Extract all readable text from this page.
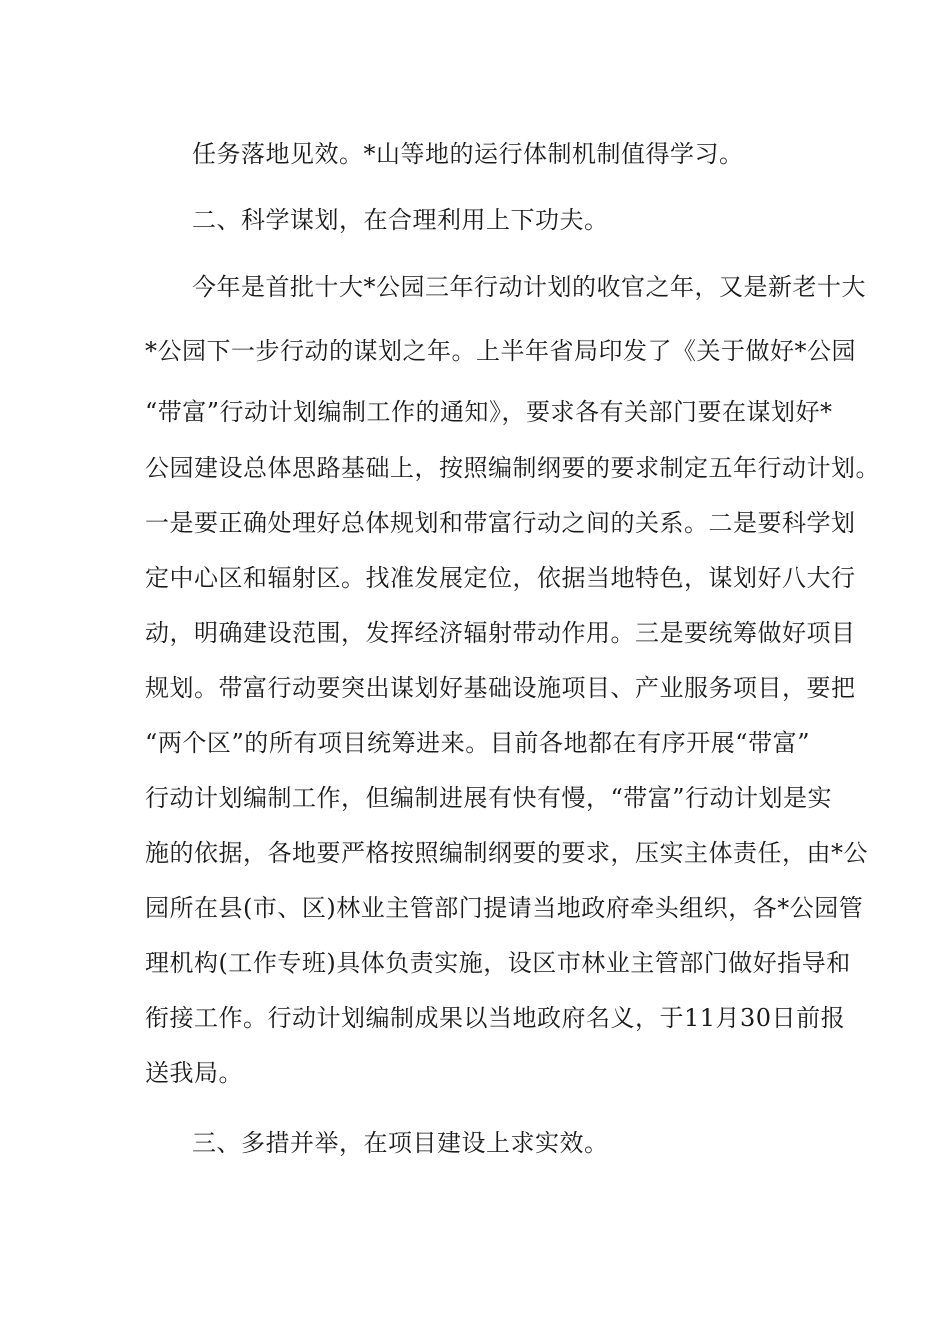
任务落地见效。*山等地的运行体制机制值得学习。
二、科学谋划，在合理利用上下功夫。
今年是首批十大*公园三年行动计划的收官之年，又是新老十大
*公园下一步行动的谋划之年。上半年省局印发了《关于做好*公园
“带富”行动计划编制工作的通知》，要求各有关部门要在谋划好*
公园建设总体思路基础上，按照编制纲要的要求制定五年行动计划。
一是要正确处理好总体规划和带富行动之间的关系。二是要科学划
定中心区和辐射区。找准发展定位，依据当地特色，谋划好八大行
动，明确建设范围，发挥经济辐射带动作用。三是要统筹做好项目
规划。带富行动要突出谋划好基础设施项目、产业服务项目，要把
“两个区”的所有项目统筹进来。目前各地都在有序开展“带富”
行动计划编制工作，但编制进展有快有慢，“带富”行动计划是实
施的依据，各地要严格按照编制纲要的要求，压实主体责任，由*公
园所在县(市、区)林业主管部门提请当地政府牵头组织，各*公园管
理机构(工作专班)具体负责实施，设区市林业主管部门做好指导和
衔接工作。行动计划编制成果以当地政府名义，于11月30日前报
送我局。
三、多措并举，在项目建设上求实效。
